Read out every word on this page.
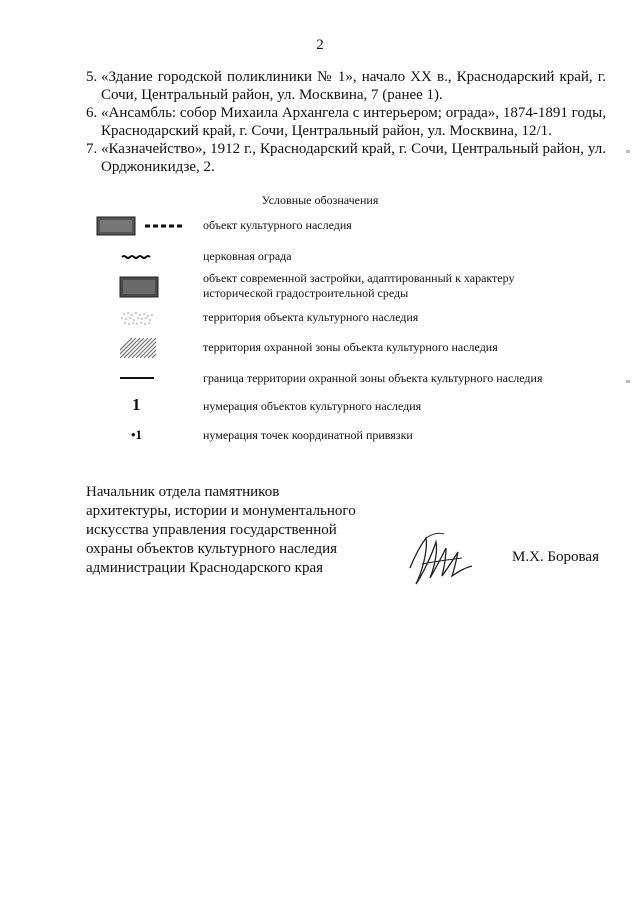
2
5. «Здание городской поликлиники № 1», начало XX в., Краснодарский край, г. Сочи, Центральный район, ул. Москвина, 7 (ранее 1).
6. «Ансамбль: собор Михаила Архангела с интерьером; ограда», 1874-1891 годы, Краснодарский край, г. Сочи, Центральный район, ул. Москвина, 12/1.
7. «Казначейство», 1912 г., Краснодарский край, г. Сочи, Центральный район, ул. Орджоникидзе, 2.
Условные обозначения
объект культурного наследия
церковная ограда
объект современной застройки, адаптированный к характеру исторической градостроительной среды
территория объекта культурного наследия
территория охранной зоны объекта культурного наследия
граница территории охранной зоны объекта культурного наследия
1	нумерация объектов культурного наследия
•1	нумерация точек координатной привязки
Начальник отдела памятников
архитектуры, истории и монументального
искусства управления государственной
охраны объектов культурного наследия
администрации Краснодарского края
М.Х. Боровая
